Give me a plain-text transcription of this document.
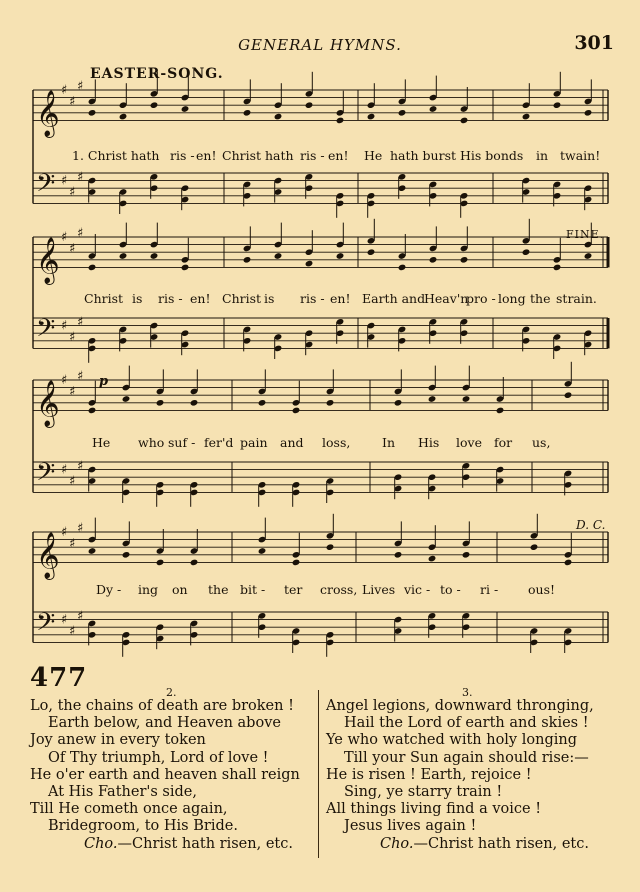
GENERAL HYMNS.	301
EASTER-SONG.
𝄞 ♯
♯
♯
𝄢 ♯
♯
♯
𝄞 ♯
♯
♯
𝄢 ♯
♯
♯
𝄞 ♯
♯
♯
𝄢 ♯
♯
♯
𝄞 ♯
♯
♯
𝄢 ♯
♯
♯
1. Christ hath ris - en! Christ hath ris - en! He hath burst His bonds in twain!
Christ is ris - en! Christ is ris - en! Earth and
Heav'n
pro - long the strain.
He who suf - fer'd pain and loss,	In His love for us,
Dy - ing on the bit - ter cross, Lives vic - to - ri - ous!
FINE.
p
D. C.
477	2.	3.
Lo, the chains of death are broken !
Earth below, and Heaven above
Joy anew in every token
Of Thy triumph, Lord of love !
He o'er earth and heaven shall reign
At His Father's side,
Till He cometh once again,
Bridegroom, to His Bride.
Cho.—Christ hath risen, etc.
Angel legions, downward thronging,
Hail the Lord of earth and skies !
Ye who watched with holy longing
Till your Sun again should rise:—
He is risen ! Earth, rejoice !
Sing, ye starry train !
All things living find a voice !
Jesus lives again !
Cho.—Christ hath risen, etc.
